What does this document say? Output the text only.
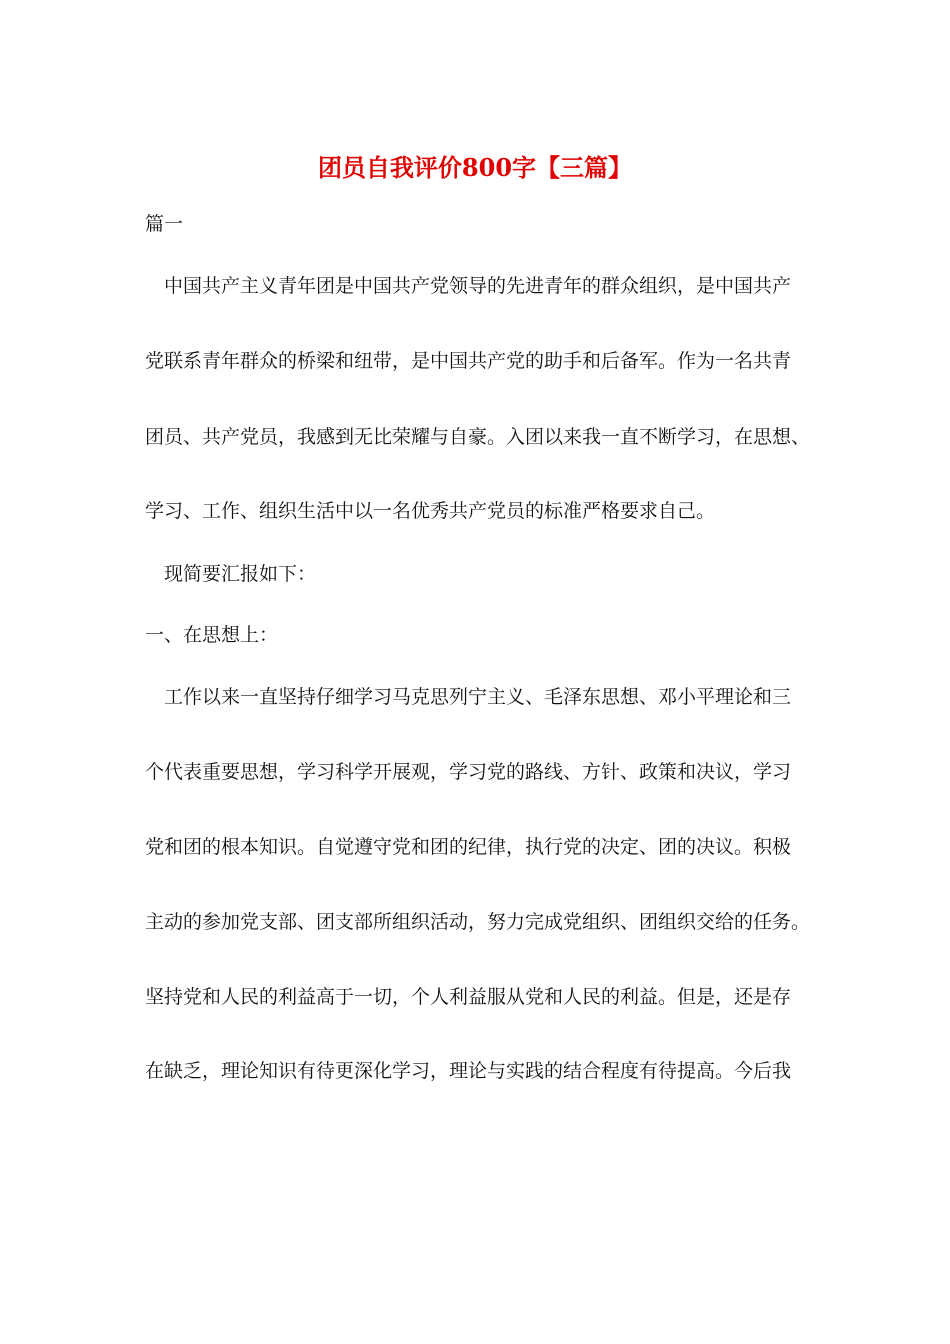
团员自我评价800字【三篇】
篇一
中国共产主义青年团是中国共产党领导的先进青年的群众组织，是中国共产
党联系青年群众的桥梁和纽带，是中国共产党的助手和后备军。作为一名共青
团员、共产党员，我感到无比荣耀与自豪。入团以来我一直不断学习，在思想、
学习、工作、组织生活中以一名优秀共产党员的标准严格要求自己。
现简要汇报如下：
一、在思想上：
工作以来一直坚持仔细学习马克思列宁主义、毛泽东思想、邓小平理论和三
个代表重要思想，学习科学开展观，学习党的路线、方针、政策和决议，学习
党和团的根本知识。自觉遵守党和团的纪律，执行党的决定、团的决议。积极
主动的参加党支部、团支部所组织活动，努力完成党组织、团组织交给的任务。
坚持党和人民的利益高于一切，个人利益服从党和人民的利益。但是，还是存
在缺乏，理论知识有待更深化学习，理论与实践的结合程度有待提高。今后我
